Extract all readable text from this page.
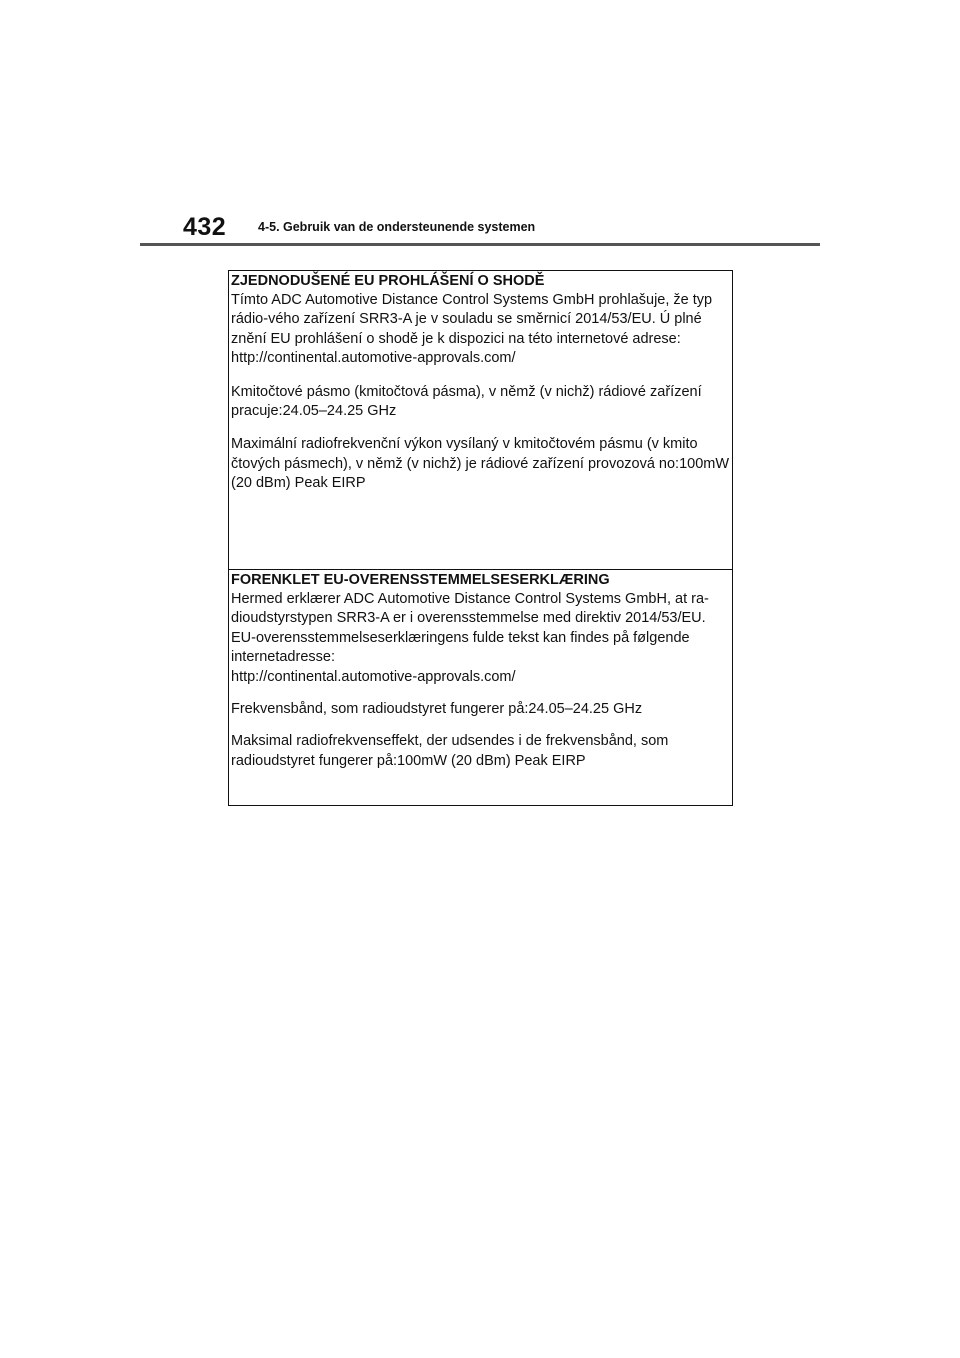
432	4-5. Gebruik van de ondersteunende systemen

ZJEDNODUŠENÉ EU PROHLÁŠENÍ O SHODĚ

Tímto ADC Automotive Distance Control Systems GmbH prohlašuje, že typ rádio-vého zařízení SRR3-A je v souladu se směrnicí 2014/53/EU. Ú plné znění EU prohlášení o shodě je k dispozici na této internetové adrese:

http://continental.automotive-approvals.com/

Kmitočtové pásmo (kmitočtová pásma), v němž (v nichž) rádiové zařízení pracuje:24.05–24.25 GHz

Maximální radiofrekvenční výkon vysílaný v kmitočtovém pásmu (v kmito čtových pásmech), v němž (v nichž) je rádiové zařízení provozová no:100mW (20 dBm) Peak EIRP

FORENKLET EU-OVERENSSTEMMELSESERKLÆRING

Hermed erklærer ADC Automotive Distance Control Systems GmbH, at ra-dioudstyrstypen SRR3-A er i overensstemmelse med direktiv 2014/53/EU. EU-overensstemmelseserklæringens fulde tekst kan findes på følgende internetadresse:

http://continental.automotive-approvals.com/

Frekvensbånd, som radioudstyret fungerer på:24.05–24.25 GHz

Maksimal radiofrekvenseffekt, der udsendes i de frekvensbånd, som radioudstyret fungerer på:100mW (20 dBm) Peak EIRP
